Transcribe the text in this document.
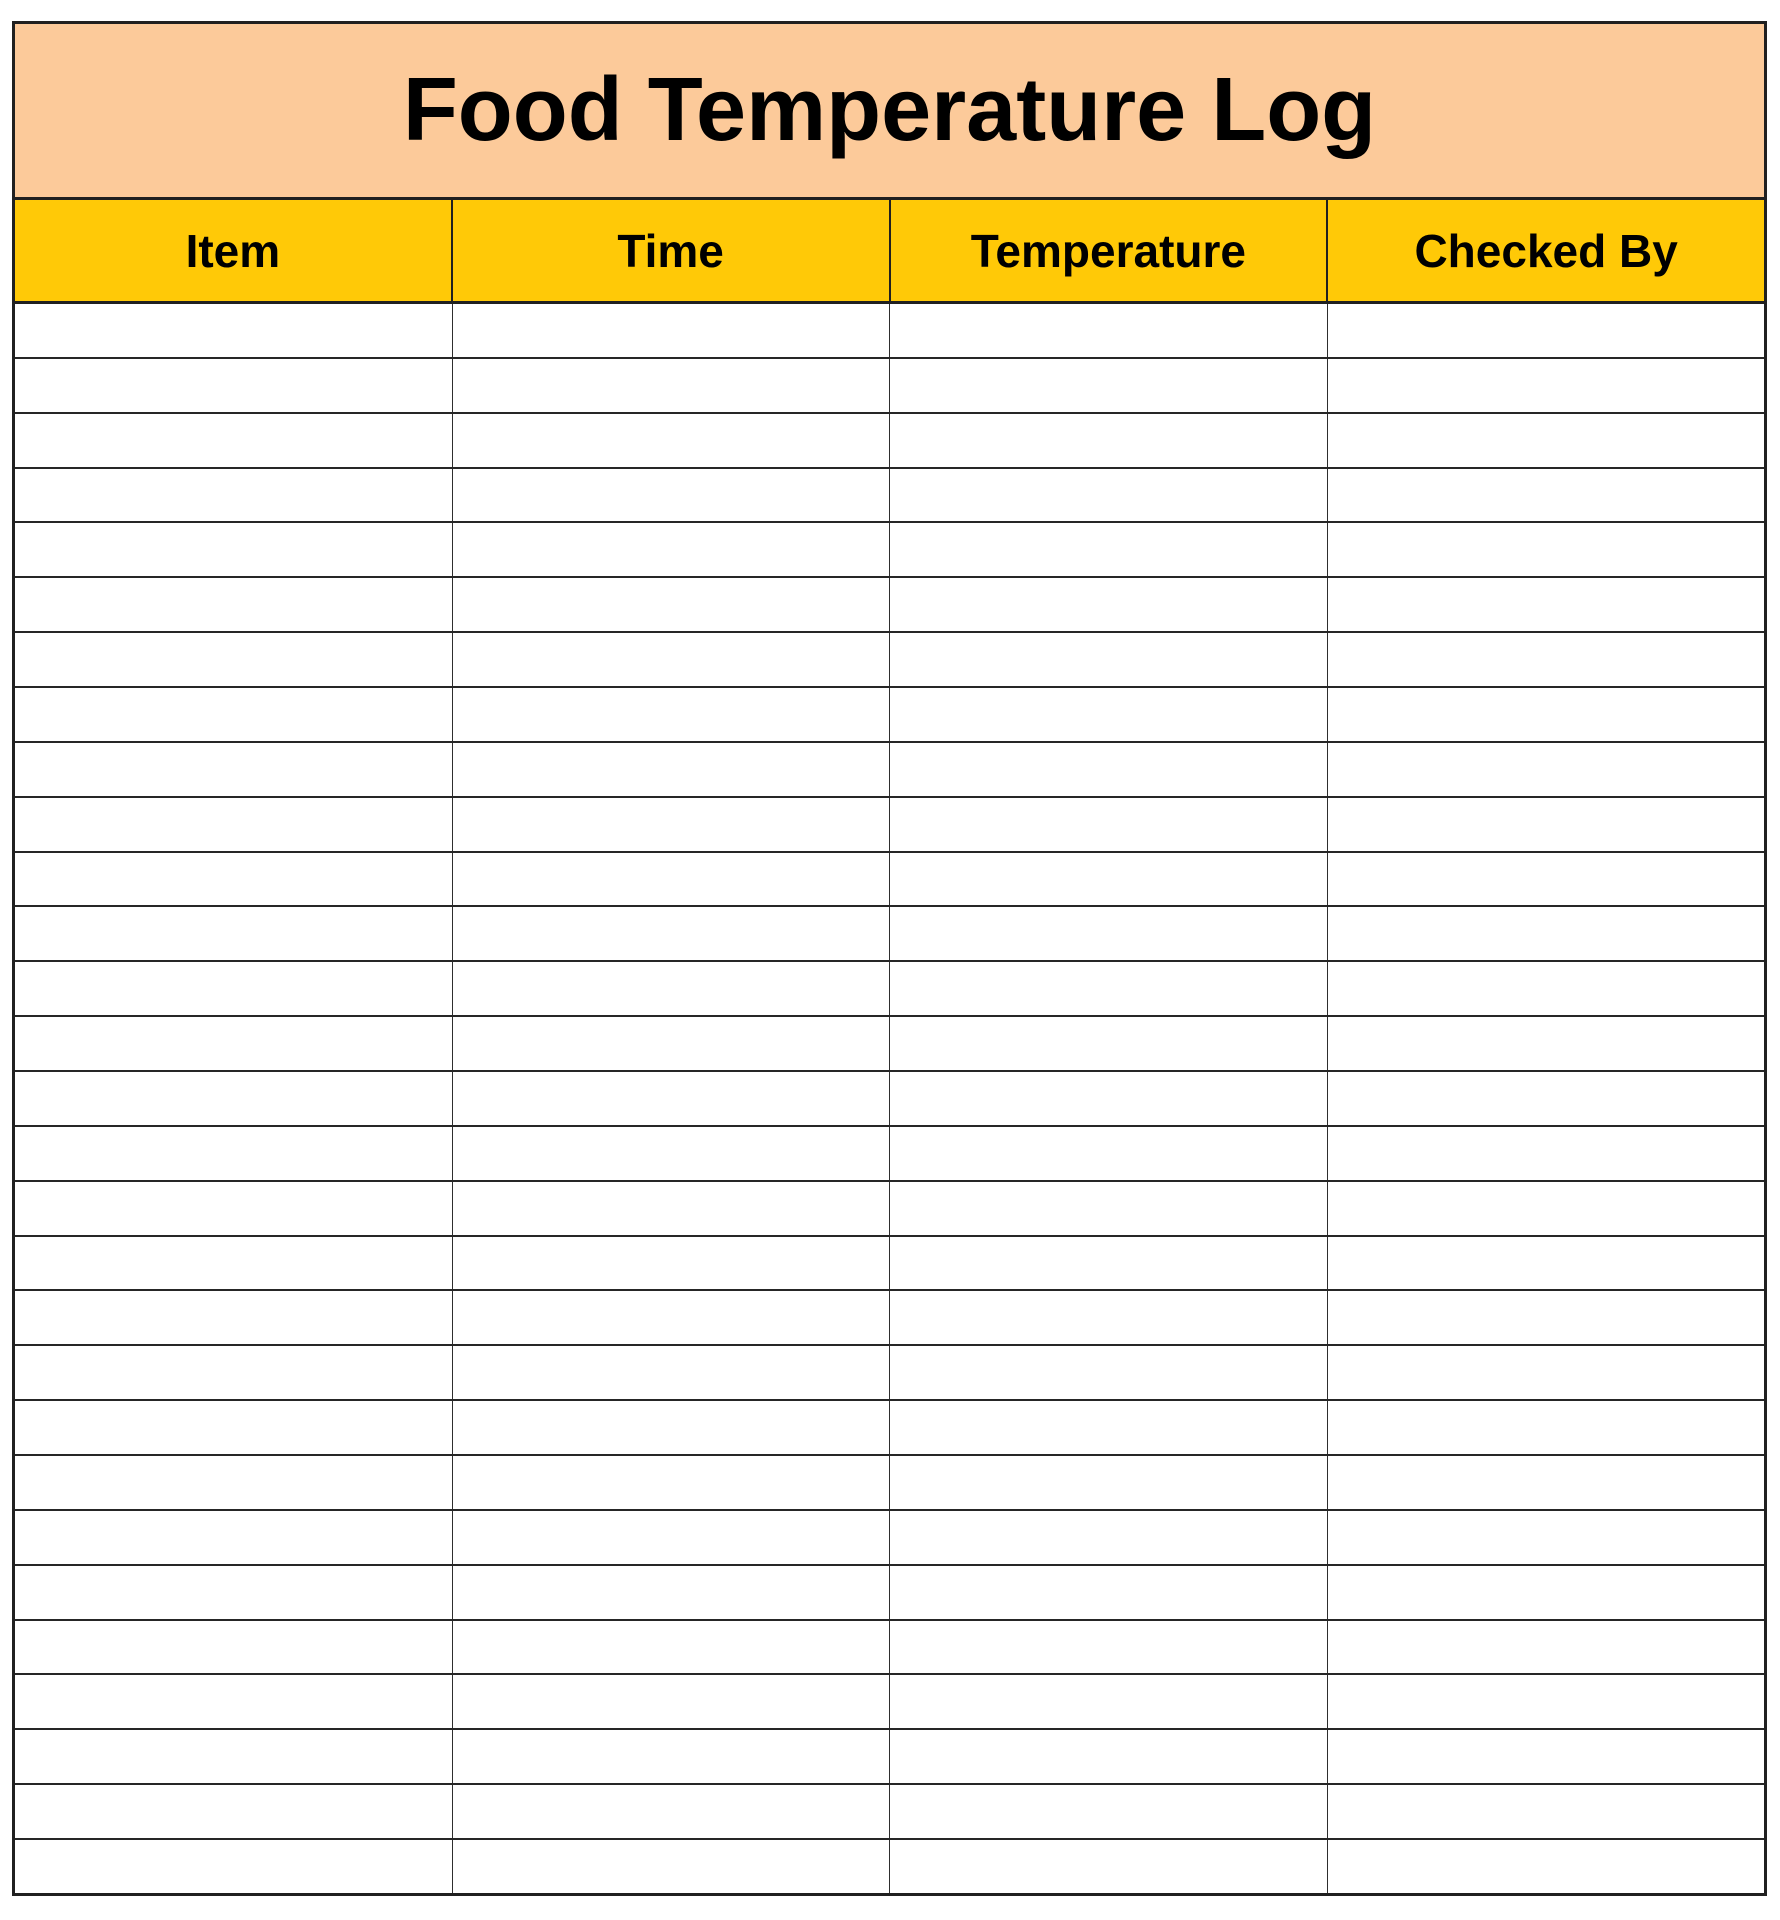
Food Temperature Log
Item	Time	Temperature	Checked By
